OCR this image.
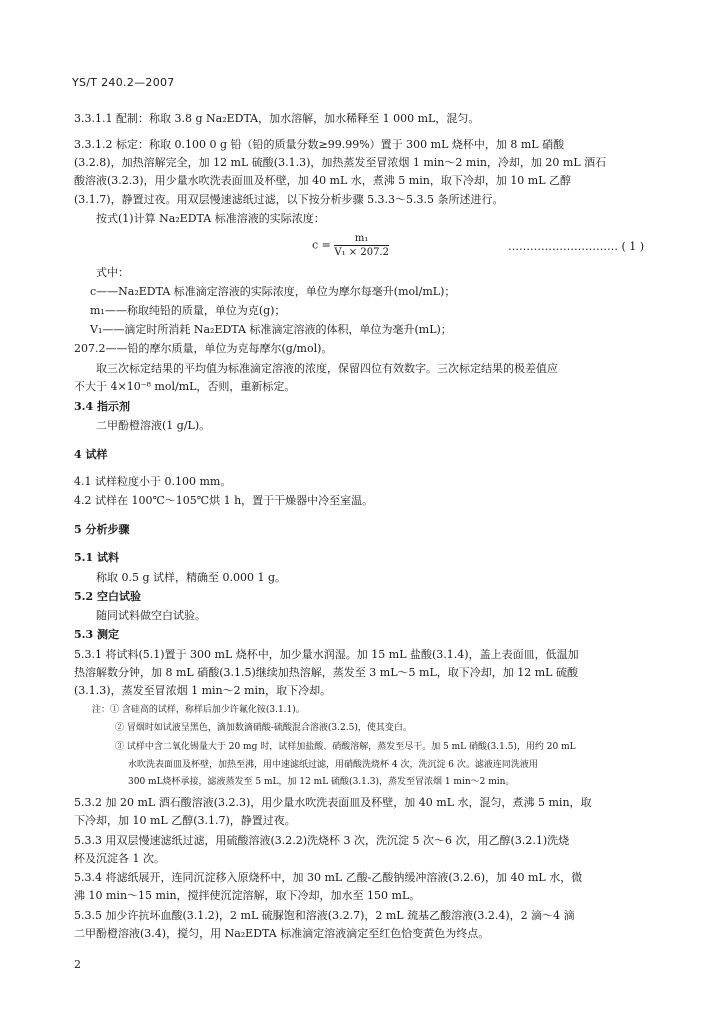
YS/T 240.2—2007
3.3.1.1 配制：称取 3.8 g Na₂EDTA，加水溶解，加水稀释至 1 000 mL，混匀。
3.3.1.2 标定：称取 0.100 0 g 铅（铅的质量分数≥99.99%）置于 300 mL 烧杯中，加 8 mL 硝酸
(3.2.8)，加热溶解完全，加 12 mL 硫酸(3.1.3)，加热蒸发至冒浓烟 1 min～2 min，冷却，加 20 mL 酒石
酸溶液(3.2.3)，用少量水吹洗表面皿及杯壁，加 40 mL 水，煮沸 5 min，取下冷却，加 10 mL 乙醇
(3.1.7)，静置过夜。用双层慢速滤纸过滤，以下按分析步骤 5.3.3～5.3.5 条所述进行。
按式(1)计算 Na₂EDTA 标准溶液的实际浓度：
$c = \frac{\text{m₁}}{\text{V₁ × 207.2}}$	………………………… ( 1 )
式中：
c——Na₂EDTA 标准滴定溶液的实际浓度，单位为摩尔每毫升(mol/mL)；
m₁——称取纯铅的质量，单位为克(g)；
V₁——滴定时所消耗 Na₂EDTA 标准滴定溶液的体积，单位为毫升(mL)；
207.2——铅的摩尔质量，单位为克每摩尔(g/mol)。
取三次标定结果的平均值为标准滴定溶液的浓度，保留四位有效数字。三次标定结果的极差值应
不大于 4×10⁻⁸ mol/mL，否则，重新标定。
3.4 指示剂
二甲酚橙溶液(1 g/L)。
4 试样
4.1 试样粒度小于 0.100 mm。
4.2 试样在 100℃～105℃烘 1 h，置于干燥器中冷至室温。
5 分析步骤
5.1 试料
称取 0.5 g 试样，精确至 0.000 1 g。
5.2 空白试验
随同试料做空白试验。
5.3 测定
5.3.1 将试料(5.1)置于 300 mL 烧杯中，加少量水润湿。加 15 mL 盐酸(3.1.4)，盖上表面皿，低温加
热溶解数分钟，加 8 mL 硝酸(3.1.5)继续加热溶解，蒸发至 3 mL～5 mL，取下冷却，加 12 mL 硫酸
(3.1.3)，蒸发至冒浓烟 1 min～2 min，取下冷却。
注：① 含硅高的试样，称样后加少许氟化铵(3.1.1)。
② 冒烟时如试液呈黑色，滴加数滴硝酸-硫酸混合溶液(3.2.5)，使其变白。
③ 试样中含二氧化锡量大于 20 mg 时，试样加盐酸、硝酸溶解，蒸发至尽干。加 5 mL 硝酸(3.1.5)，用约 20 mL
水吹洗表面皿及杯壁，加热至沸，用中速滤纸过滤，用硝酸洗烧杯 4 次，洗沉淀 6 次。滤液连同洗液用
300 mL烧杯承接，滤液蒸发至 5 mL，加 12 mL 硫酸(3.1.3)，蒸发至冒浓烟 1 min～2 min。
5.3.2 加 20 mL 酒石酸溶液(3.2.3)，用少量水吹洗表面皿及杯壁，加 40 mL 水，混匀，煮沸 5 min，取
下冷却，加 10 mL 乙醇(3.1.7)，静置过夜。
5.3.3 用双层慢速滤纸过滤，用硫酸溶液(3.2.2)洗烧杯 3 次，洗沉淀 5 次～6 次，用乙醇(3.2.1)洗烧
杯及沉淀各 1 次。
5.3.4 将滤纸展开，连同沉淀移入原烧杯中，加 30 mL 乙酸-乙酸钠缓冲溶液(3.2.6)，加 40 mL 水，微
沸 10 min～15 min，搅拌使沉淀溶解，取下冷却，加水至 150 mL。
5.3.5 加少许抗坏血酸(3.1.2)，2 mL 硫脲饱和溶液(3.2.7)，2 mL 巯基乙酸溶液(3.2.4)，2 滴～4 滴
二甲酚橙溶液(3.4)，搅匀，用 Na₂EDTA 标准滴定溶液滴定至红色恰变黄色为终点。
2
